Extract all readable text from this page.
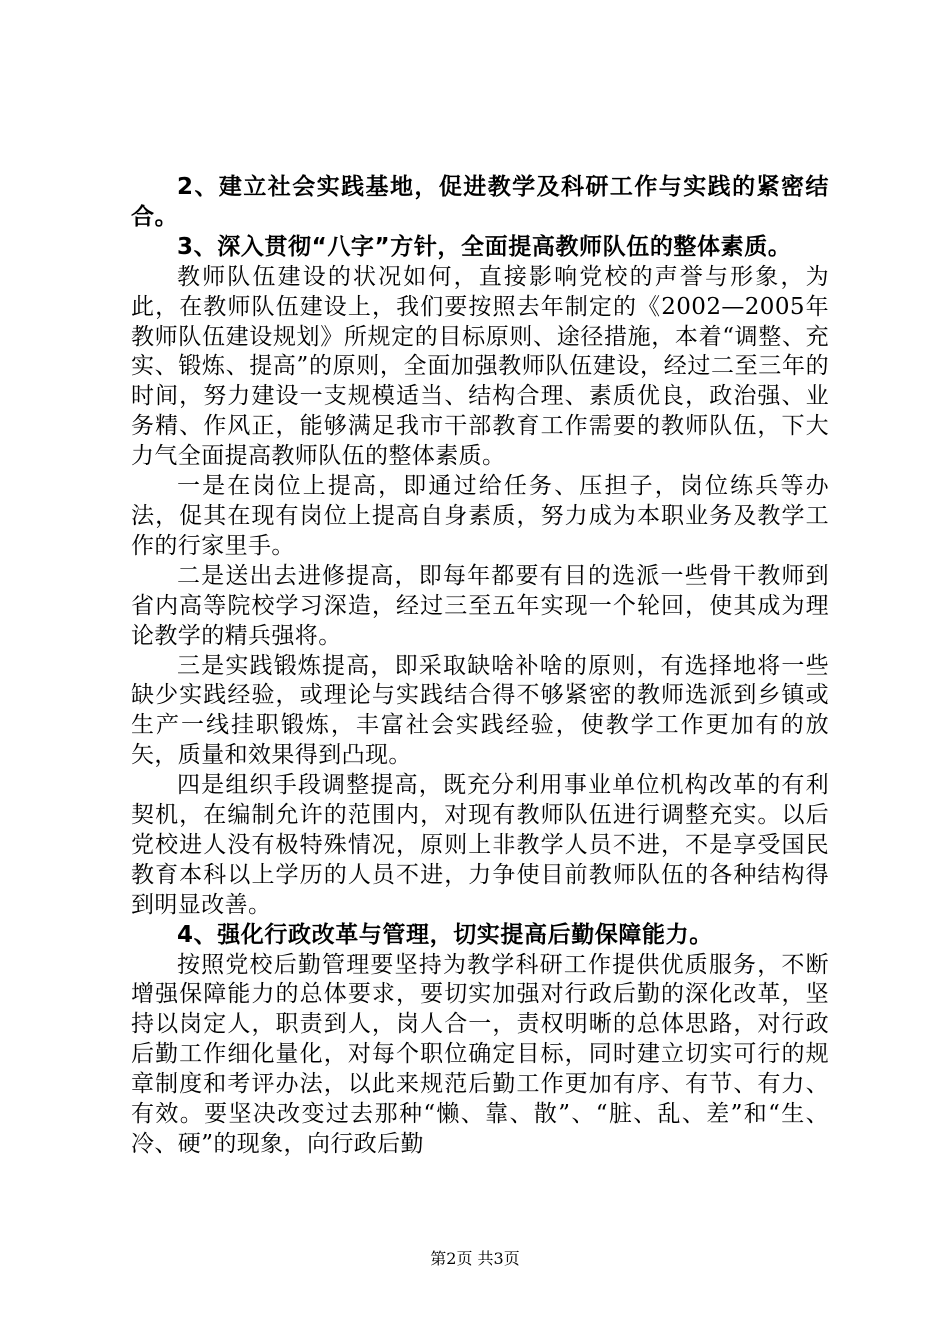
2、建立社会实践基地，促进教学及科研工作与实践的紧密结合。

3、深入贯彻“八字”方针，全面提高教师队伍的整体素质。

教师队伍建设的状况如何，直接影响党校的声誉与形象，为此，在教师队伍建设上，我们要按照去年制定的《2002—2005年教师队伍建设规划》所规定的目标原则、途径措施，本着“调整、充实、锻炼、提高”的原则，全面加强教师队伍建设，经过二至三年的时间，努力建设一支规模适当、结构合理、素质优良，政治强、业务精、作风正，能够满足我市干部教育工作需要的教师队伍，下大力气全面提高教师队伍的整体素质。

一是在岗位上提高，即通过给任务、压担子，岗位练兵等办法，促其在现有岗位上提高自身素质，努力成为本职业务及教学工作的行家里手。

二是送出去进修提高，即每年都要有目的选派一些骨干教师到省内高等院校学习深造，经过三至五年实现一个轮回，使其成为理论教学的精兵强将。

三是实践锻炼提高，即采取缺啥补啥的原则，有选择地将一些缺少实践经验，或理论与实践结合得不够紧密的教师选派到乡镇或生产一线挂职锻炼，丰富社会实践经验，使教学工作更加有的放矢，质量和效果得到凸现。

四是组织手段调整提高，既充分利用事业单位机构改革的有利契机，在编制允许的范围内，对现有教师队伍进行调整充实。以后党校进人没有极特殊情况，原则上非教学人员不进，不是享受国民教育本科以上学历的人员不进，力争使目前教师队伍的各种结构得到明显改善。

4、强化行政改革与管理，切实提高后勤保障能力。

按照党校后勤管理要坚持为教学科研工作提供优质服务，不断增强保障能力的总体要求，要切实加强对行政后勤的深化改革，坚持以岗定人，职责到人，岗人合一，责权明晰的总体思路，对行政后勤工作细化量化，对每个职位确定目标，同时建立切实可行的规章制度和考评办法，以此来规范后勤工作更加有序、有节、有力、有效。要坚决改变过去那种“懒、靠、散”、“脏、乱、差”和“生、冷、硬”的现象，向行政后勤

第2页 共3页
